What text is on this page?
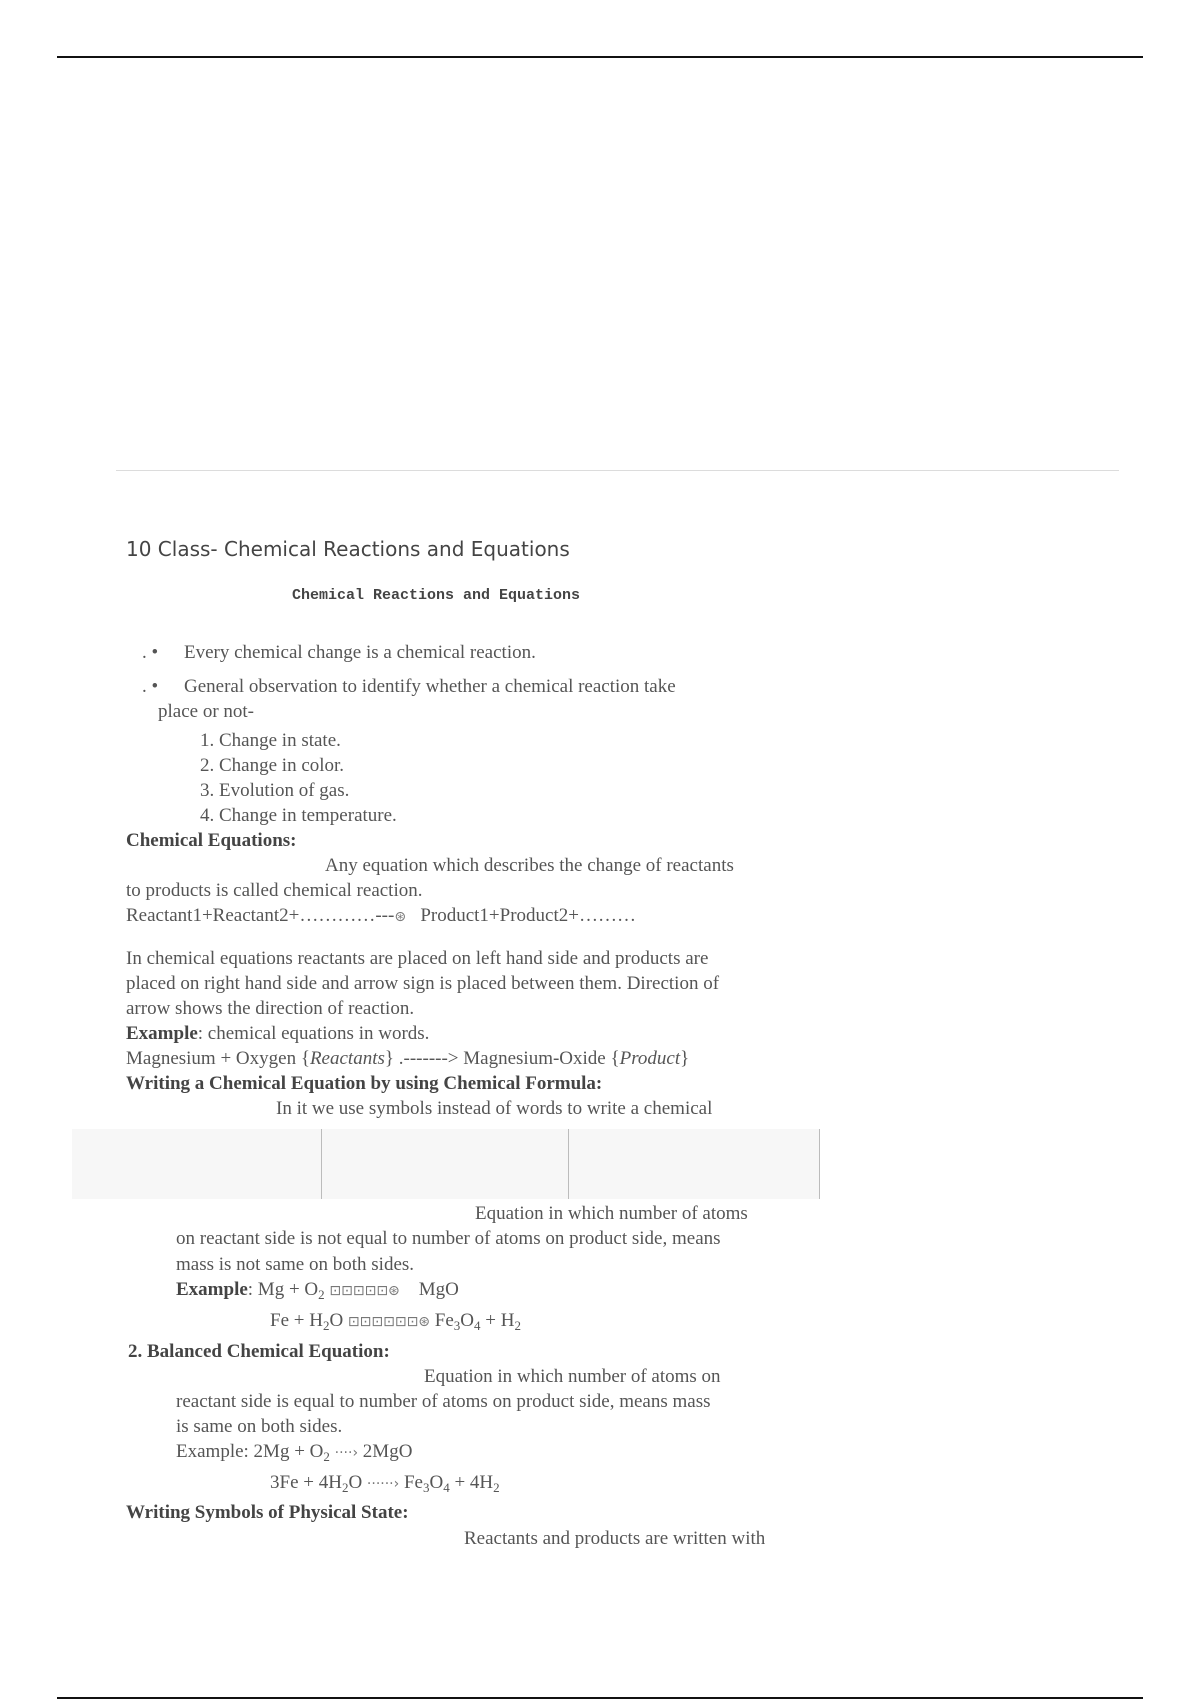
10 Class- Chemical Reactions and Equations
Chemical Reactions and Equations
. •	Every chemical change is a chemical reaction.
. •	General observation to identify whether a chemical reaction take
place or not-
1. Change in state.
2. Change in color.
3. Evolution of gas.
4. Change in temperature.
Chemical Equations:
Any equation which describes the change of reactants
to products is called chemical reaction.
Reactant1+Reactant2+…………---⊛ Product1+Product2+………
In chemical equations reactants are placed on left hand side and products are
placed on right hand side and arrow sign is placed between them. Direction of
arrow shows the direction of reaction.
Example: chemical equations in words.
Magnesium + Oxygen {Reactants} .-------> Magnesium-Oxide {Product}
Writing a Chemical Equation by using Chemical Formula:
In it we use symbols instead of words to write a chemical
Equation in which number of atoms
on reactant side is not equal to number of atoms on product side, means
mass is not same on both sides.
Example: $Mg + O_2$ ⊡⊡⊡⊡⊡⊛ MgO
$Fe + H_2O$ ⊡⊡⊡⊡⊡⊡⊛ $Fe_3O_4 + H_2$
2. Balanced Chemical Equation:
Equation in which number of atoms on
reactant side is equal to number of atoms on product side, means mass
is same on both sides.
Example: $2Mg + O_2$ ····› 2MgO
$3Fe + 4H_2O$ ······› $Fe_3O_4 + 4H_2$
Writing Symbols of Physical State:
Reactants and products are written with
